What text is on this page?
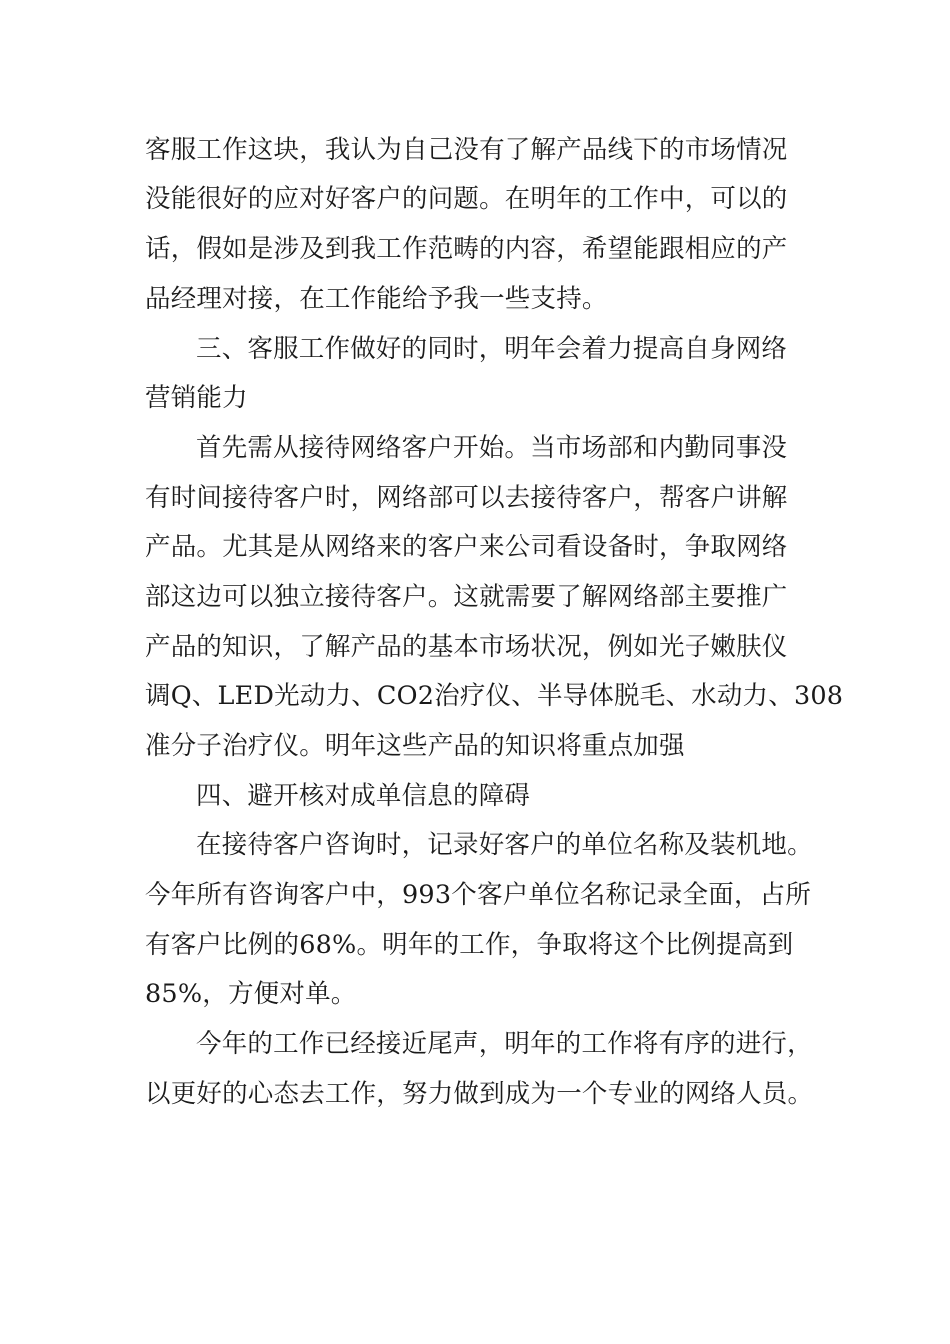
客服工作这块，我认为自己没有了解产品线下的市场情况

没能很好的应对好客户的问题。在明年的工作中，可以的

话，假如是涉及到我工作范畴的内容，希望能跟相应的产

品经理对接，在工作能给予我一些支持。

三、客服工作做好的同时，明年会着力提高自身网络

营销能力

首先需从接待网络客户开始。当市场部和内勤同事没

有时间接待客户时，网络部可以去接待客户，帮客户讲解

产品。尤其是从网络来的客户来公司看设备时，争取网络

部这边可以独立接待客户。这就需要了解网络部主要推广

产品的知识，了解产品的基本市场状况，例如光子嫩肤仪

调Q、LED光动力、CO2治疗仪、半导体脱毛、水动力、308

准分子治疗仪。明年这些产品的知识将重点加强

四、避开核对成单信息的障碍

在接待客户咨询时，记录好客户的单位名称及装机地。

今年所有咨询客户中，993个客户单位名称记录全面，占所

有客户比例的68%。明年的工作，争取将这个比例提高到

85%，方便对单。

今年的工作已经接近尾声，明年的工作将有序的进行，

以更好的心态去工作，努力做到成为一个专业的网络人员。
